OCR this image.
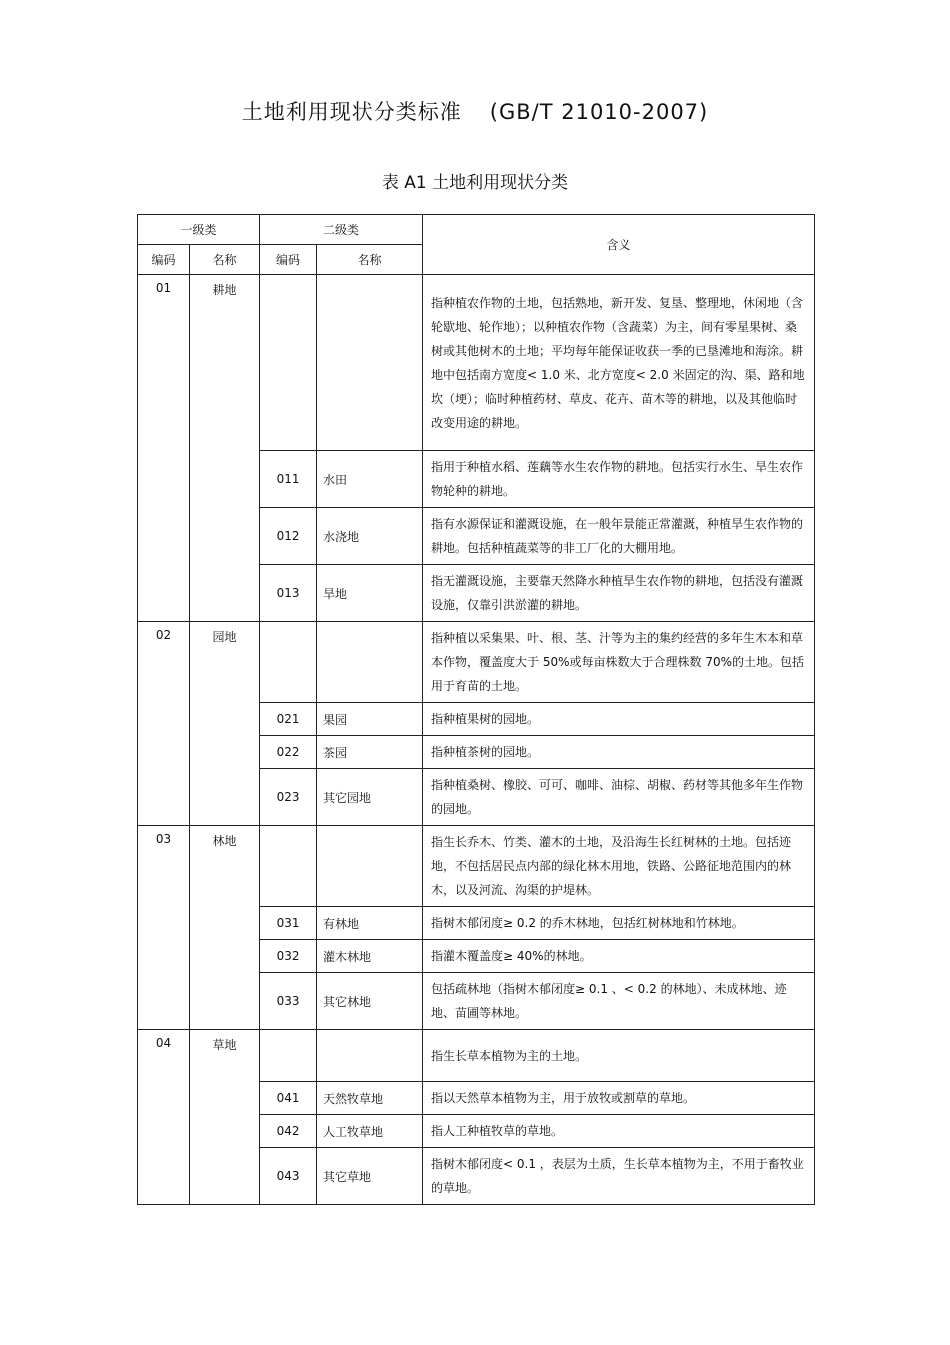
土地利用现状分类标准 (GB/T 21010-2007)
表 A1 土地利用现状分类
一级类		二级类		含义
编码	名称	编码	名称	
01	耕地			指种植农作物的土地，包括熟地，新开发、复垦、整理地，休闲地（含轮歇地、轮作地）；以种植农作物（含蔬菜）为主，间有零星果树、桑树或其他树木的土地；平均每年能保证收获一季的已垦滩地和海涂。耕地中包括南方宽度< 1.0 米、北方宽度< 2.0 米固定的沟、渠、路和地坎（埂）；临时种植药材、草皮、花卉、苗木等的耕地，以及其他临时改变用途的耕地。
		011	水田	指用于种植水稻、莲藕等水生农作物的耕地。包括实行水生、旱生农作物轮种的耕地。
		012	水浇地	指有水源保证和灌溉设施，在一般年景能正常灌溉，种植旱生农作物的耕地。包括种植蔬菜等的非工厂化的大棚用地。
		013	旱地	指无灌溉设施，主要靠天然降水种植旱生农作物的耕地，包括没有灌溉设施，仅靠引洪淤灌的耕地。
02	园地			指种植以采集果、叶、根、茎、汁等为主的集约经营的多年生木本和草本作物，覆盖度大于 50%或每亩株数大于合理株数 70%的土地。包括用于育苗的土地。
		021	果园	指种植果树的园地。
		022	茶园	指种植茶树的园地。
		023	其它园地	指种植桑树、橡胶、可可、咖啡、油棕、胡椒、药材等其他多年生作物的园地。
03	林地			指生长乔木、竹类、灌木的土地，及沿海生长红树林的土地。包括迹地，不包括居民点内部的绿化林木用地，铁路、公路征地范围内的林木，以及河流、沟渠的护堤林。
		031	有林地	指树木郁闭度≥ 0.2 的乔木林地，包括红树林地和竹林地。
		032	灌木林地	指灌木覆盖度≥ 40%的林地。
		033	其它林地	包括疏林地（指树木郁闭度≥ 0.1 、< 0.2 的林地）、未成林地、迹地、苗圃等林地。
04	草地			指生长草本植物为主的土地。
		041	天然牧草地	指以天然草本植物为主，用于放牧或割草的草地。
		042	人工牧草地	指人工种植牧草的草地。
		043	其它草地	指树木郁闭度< 0.1 ，表层为土质，生长草本植物为主，不用于畜牧业的草地。
